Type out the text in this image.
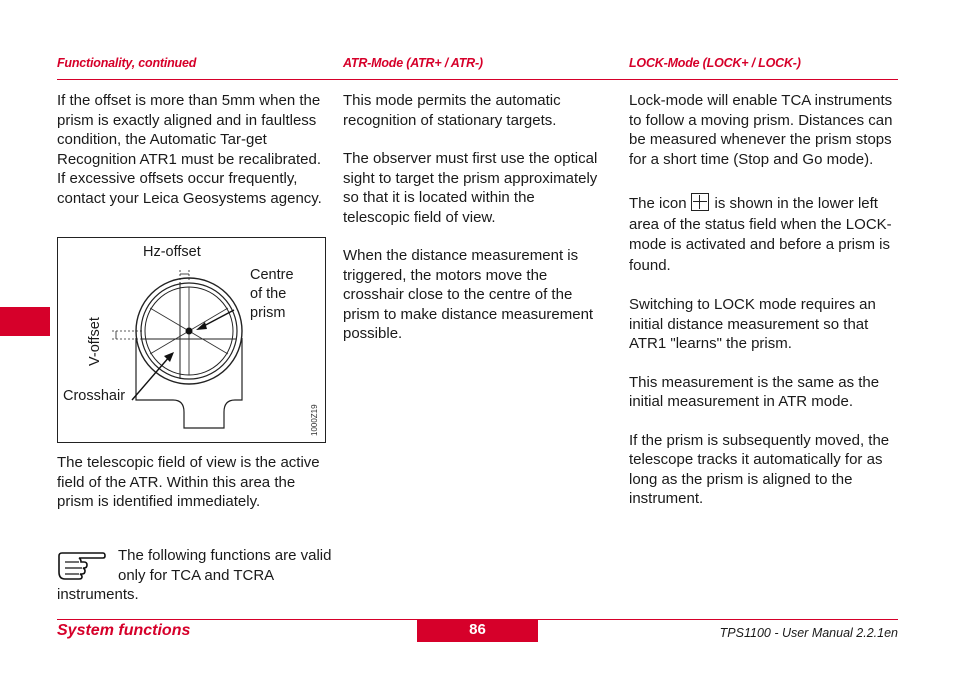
Functionality, continued	ATR-Mode (ATR+ / ATR-)	LOCK-Mode (LOCK+ / LOCK-)

If the offset is more than 5mm when the prism is exactly aligned and in faultless condition, the Automatic Tar-get Recognition ATR1 must be recalibrated. If excessive offsets occur frequently, contact your Leica Geosystems agency.

Hz-offset
Centre
of the
prism
V-offset
Crosshair
1000Z19

The telescopic field of view is the active field of the ATR. Within this area the prism is identified immediately.

The following functions are valid only for TCA and TCRA
instruments.

This mode permits the automatic recognition of stationary targets.

The observer must first use the optical sight to target the prism approximately so that it is located within the telescopic field of view.

When the distance measurement is triggered, the motors move the crosshair close to the centre of the prism to make distance measurement possible.

Lock-mode will enable TCA instruments to follow a moving prism. Distances can be measured whenever the prism stops for a short time (Stop and Go mode).

The icon is shown in the lower left area of the status field when the LOCK-mode is activated and before a prism is found.

Switching to LOCK mode requires an initial distance measurement so that ATR1 "learns" the prism.

This measurement is the same as the initial measurement in ATR mode.

If the prism is subsequently moved, the telescope tracks it automatically for as long as the prism is aligned to the instrument.

System functions	86	TPS1100 - User Manual 2.2.1en
